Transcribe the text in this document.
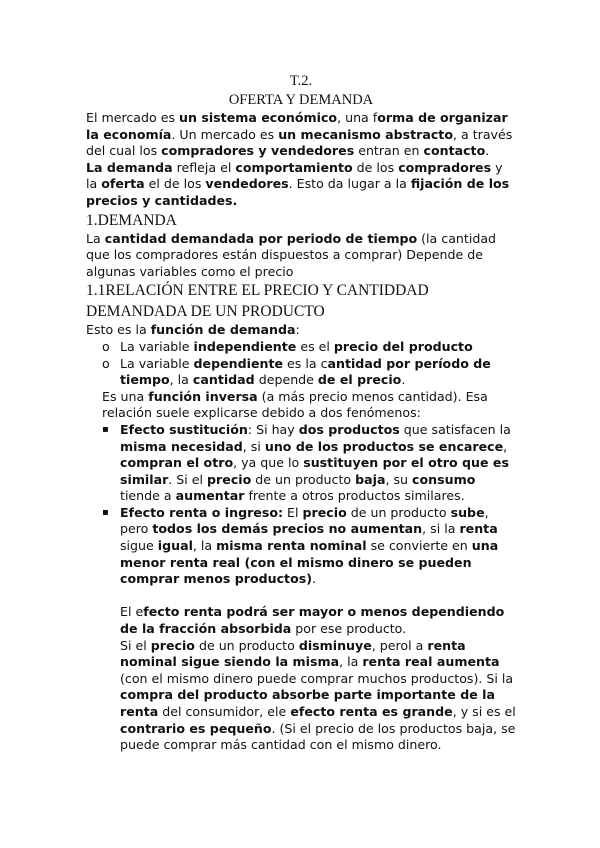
T.2.
OFERTA Y DEMANDA

El mercado es un sistema económico, una forma de organizar la economía. Un mercado es un mecanismo abstracto, a través del cual los compradores y vendedores entran en contacto.

La demanda refleja el comportamiento de los compradores y la oferta el de los vendedores. Esto da lugar a la fijación de los precios y cantidades.

1.DEMANDA

La cantidad demandada por periodo de tiempo (la cantidad que los compradores están dispuestos a comprar) Depende de algunas variables como el precio

1.1RELACIÓN ENTRE EL PRECIO Y CANTIDDAD DEMANDADA DE UN PRODUCTO

Esto es la función de demanda:

o La variable independiente es el precio del producto
o La variable dependiente es la cantidad por período de tiempo, la cantidad depende de el precio.

Es una función inversa (a más precio menos cantidad). Esa relación suele explicarse debido a dos fenómenos:

▪ Efecto sustitución: Si hay dos productos que satisfacen la misma necesidad, si uno de los productos se encarece, compran el otro, ya que lo sustituyen por el otro que es similar. Si el precio de un producto baja, su consumo tiende a aumentar frente a otros productos similares.
▪ Efecto renta o ingreso: El precio de un producto sube, pero todos los demás precios no aumentan, si la renta sigue igual, la misma renta nominal se convierte en una menor renta real (con el mismo dinero se pueden comprar menos productos).

El efecto renta podrá ser mayor o menos dependiendo de la fracción absorbida por ese producto.

Si el precio de un producto disminuye, perol a renta nominal sigue siendo la misma, la renta real aumenta (con el mismo dinero puede comprar muchos productos). Si la compra del producto absorbe parte importante de la renta del consumidor, ele efecto renta es grande, y si es el contrario es pequeño. (Si el precio de los productos baja, se puede comprar más cantidad con el mismo dinero.
